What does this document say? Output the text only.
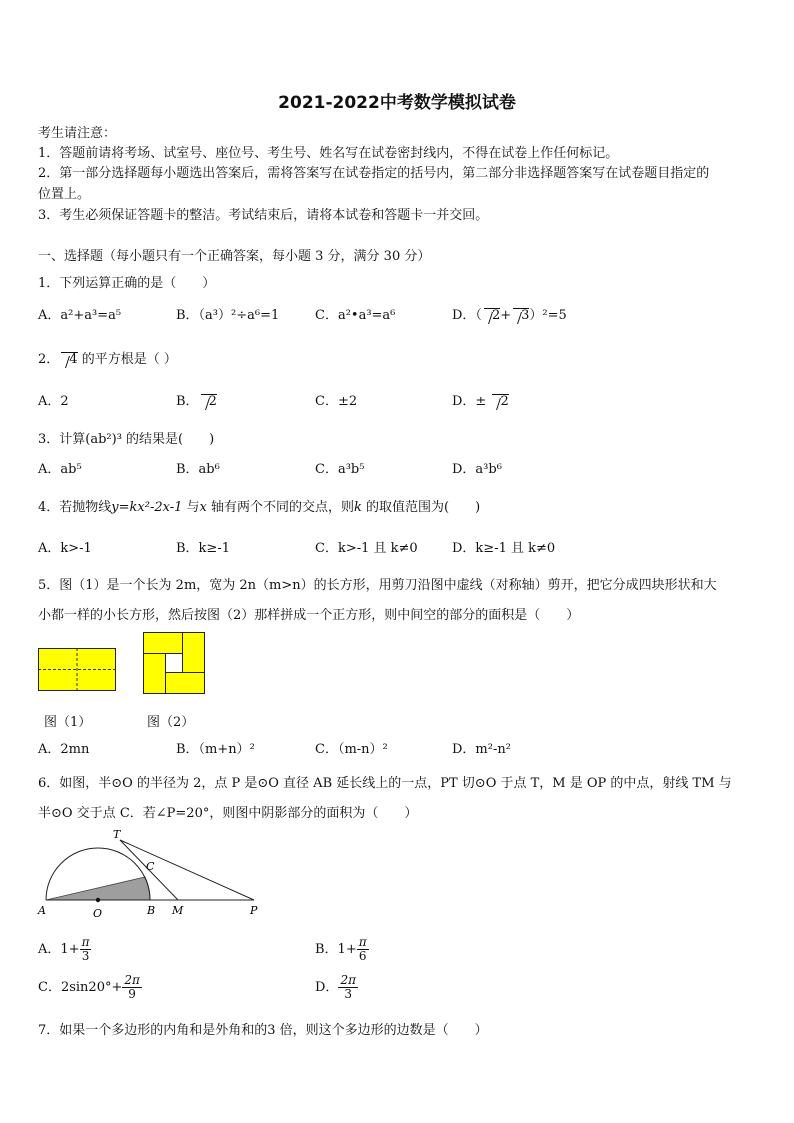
2021-2022中考数学模拟试卷
考生请注意：
1．答题前请将考场、试室号、座位号、考生号、姓名写在试卷密封线内，不得在试卷上作任何标记。
2．第一部分选择题每小题选出答案后，需将答案写在试卷指定的括号内，第二部分非选择题答案写在试卷题目指定的
位置上。
3．考生必须保证答题卡的整洁。考试结束后，请将本试卷和答题卡一并交回。
一、选择题（每小题只有一个正确答案，每小题 3 分，满分 30 分）
1．下列运算正确的是（　　）
A．a²+a³=a⁵	B．（a³）²÷a⁶=1	C．a²•a³=a⁶	D．（ 2+ 3）²=5
2． 4 的平方根是（ ）
A．2	B． 2	C．±2	D．± 2
3．计算(ab²)³ 的结果是(　　)
A．ab⁵	B．ab⁶	C．a³b⁵	D．a³b⁶
4．若抛物线y=kx²-2x-1 与x 轴有两个不同的交点，则k 的取值范围为(　　)
A．k>-1	B．k≥-1	C．k>-1 且 k≠0	D．k≥-1 且 k≠0
5．图（1）是一个长为 2m，宽为 2n（m>n）的长方形，用剪刀沿图中虚线（对称轴）剪开，把它分成四块形状和大
小都一样的小长方形，然后按图（2）那样拼成一个正方形，则中间空的部分的面积是（　　）
图（1）	图（2）
A．2mn	B．（m+n）²	C．（m-n）²	D．m²-n²
6．如图，半⊙O 的半径为 2，点 P 是⊙O 直径 AB 延长线上的一点，PT 切⊙O 于点 T，M 是 OP 的中点，射线 TM 与
半⊙O 交于点 C．若∠P=20°，则图中阴影部分的面积为（　　）
A	O	B M	P
T
C
A．$1+ \frac{\pi}{3}$	B．$1+ \frac{\pi}{6}$
C．$2\sin 20^\circ+ \frac{2\pi}{9}$	D． $\frac{2\pi}{3}$
7．如果一个多边形的内角和是外角和的3 倍，则这个多边形的边数是（　　）
